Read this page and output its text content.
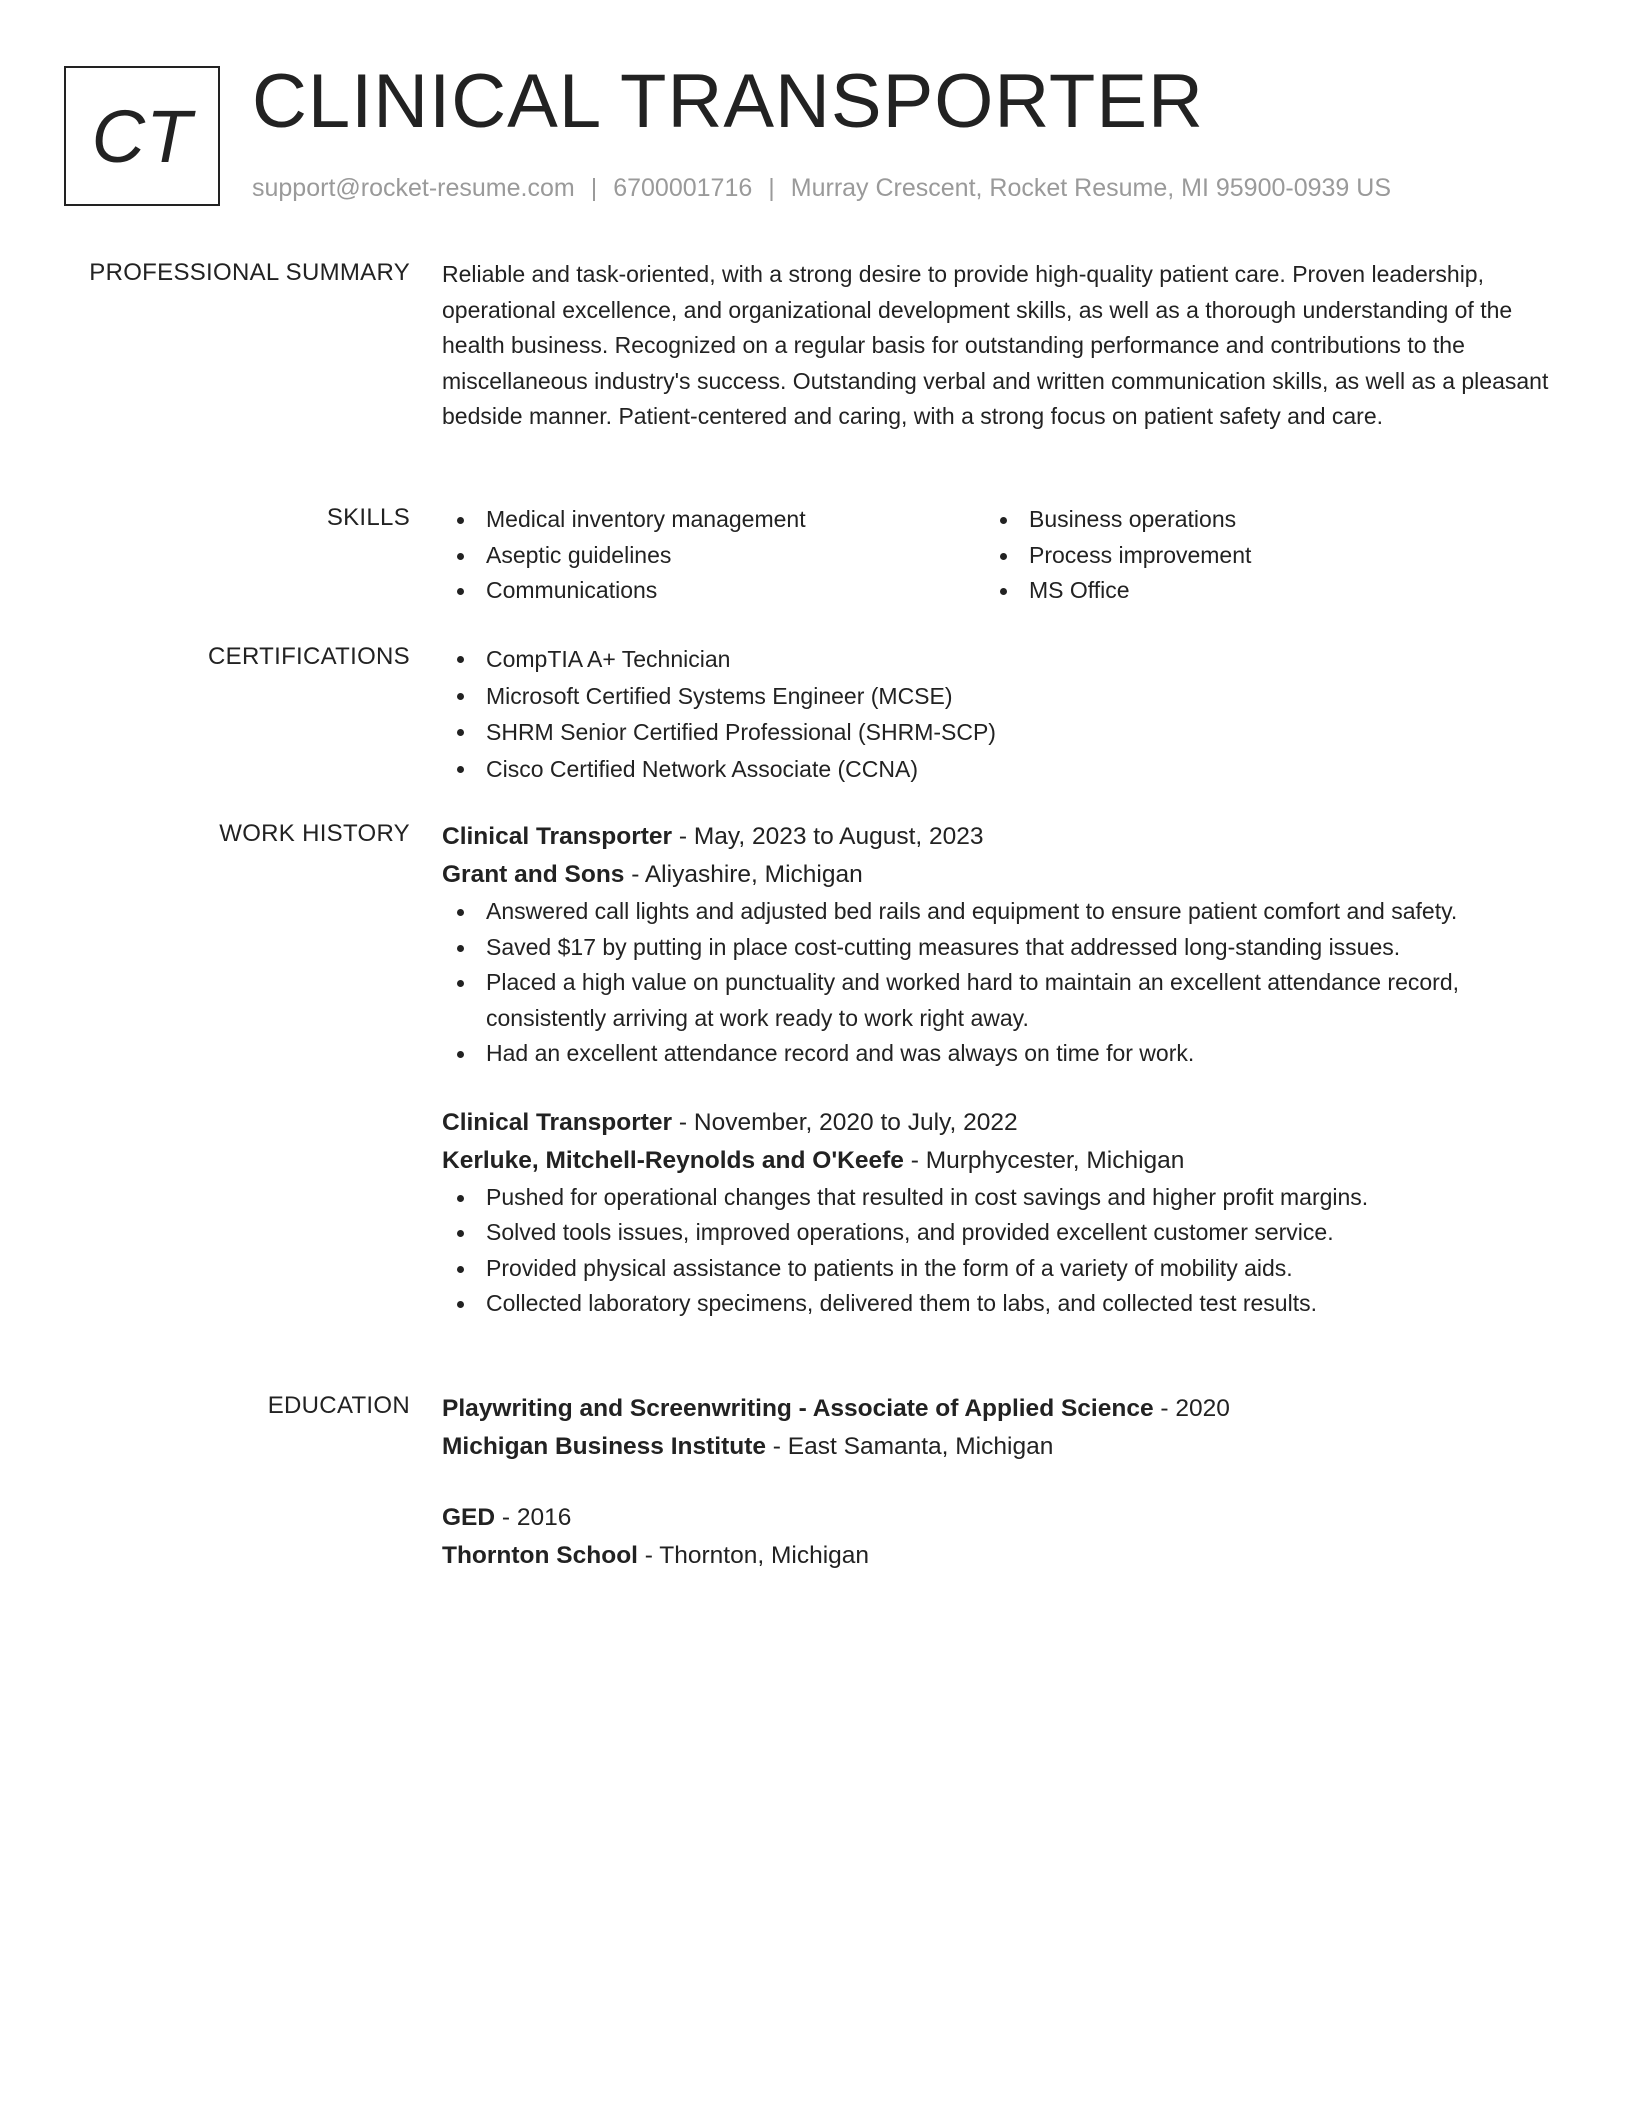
CT CLINICAL TRANSPORTER
support@rocket-resume.com | 6700001716 | Murray Crescent, Rocket Resume, MI 95900-0939 US
PROFESSIONAL SUMMARY Reliable and task-oriented, with a strong desire to provide high-quality patient care. Proven leadership, operational excellence, and organizational development skills, as well as a thorough understanding of the health business. Recognized on a regular basis for outstanding performance and contributions to the miscellaneous industry's success. Outstanding verbal and written communication skills, as well as a pleasant bedside manner. Patient-centered and caring, with a strong focus on patient safety and care.

SKILLS	Medical inventory management
Aseptic guidelines
Communications
Business operations
Process improvement
MS Office
CERTIFICATIONS	CompTIA A+ Technician
Microsoft Certified Systems Engineer (MCSE)
SHRM Senior Certified Professional (SHRM-SCP)
Cisco Certified Network Associate (CCNA)
WORK HISTORY Clinical Transporter - May, 2023 to August, 2023
Grant and Sons - Aliyashire, Michigan
Answered call lights and adjusted bed rails and equipment to ensure patient comfort and safety.
Saved $17 by putting in place cost-cutting measures that addressed long-standing issues.
Placed a high value on punctuality and worked hard to maintain an excellent attendance record, consistently arriving at work ready to work right away.
Had an excellent attendance record and was always on time for work.
Clinical Transporter - November, 2020 to July, 2022
Kerluke, Mitchell-Reynolds and O'Keefe - Murphycester, Michigan
Pushed for operational changes that resulted in cost savings and higher profit margins.
Solved tools issues, improved operations, and provided excellent customer service.
Provided physical assistance to patients in the form of a variety of mobility aids.
Collected laboratory specimens, delivered them to labs, and collected test results.
EDUCATION Playwriting and Screenwriting - Associate of Applied Science - 2020
Michigan Business Institute - East Samanta, Michigan
GED - 2016
Thornton School - Thornton, Michigan
